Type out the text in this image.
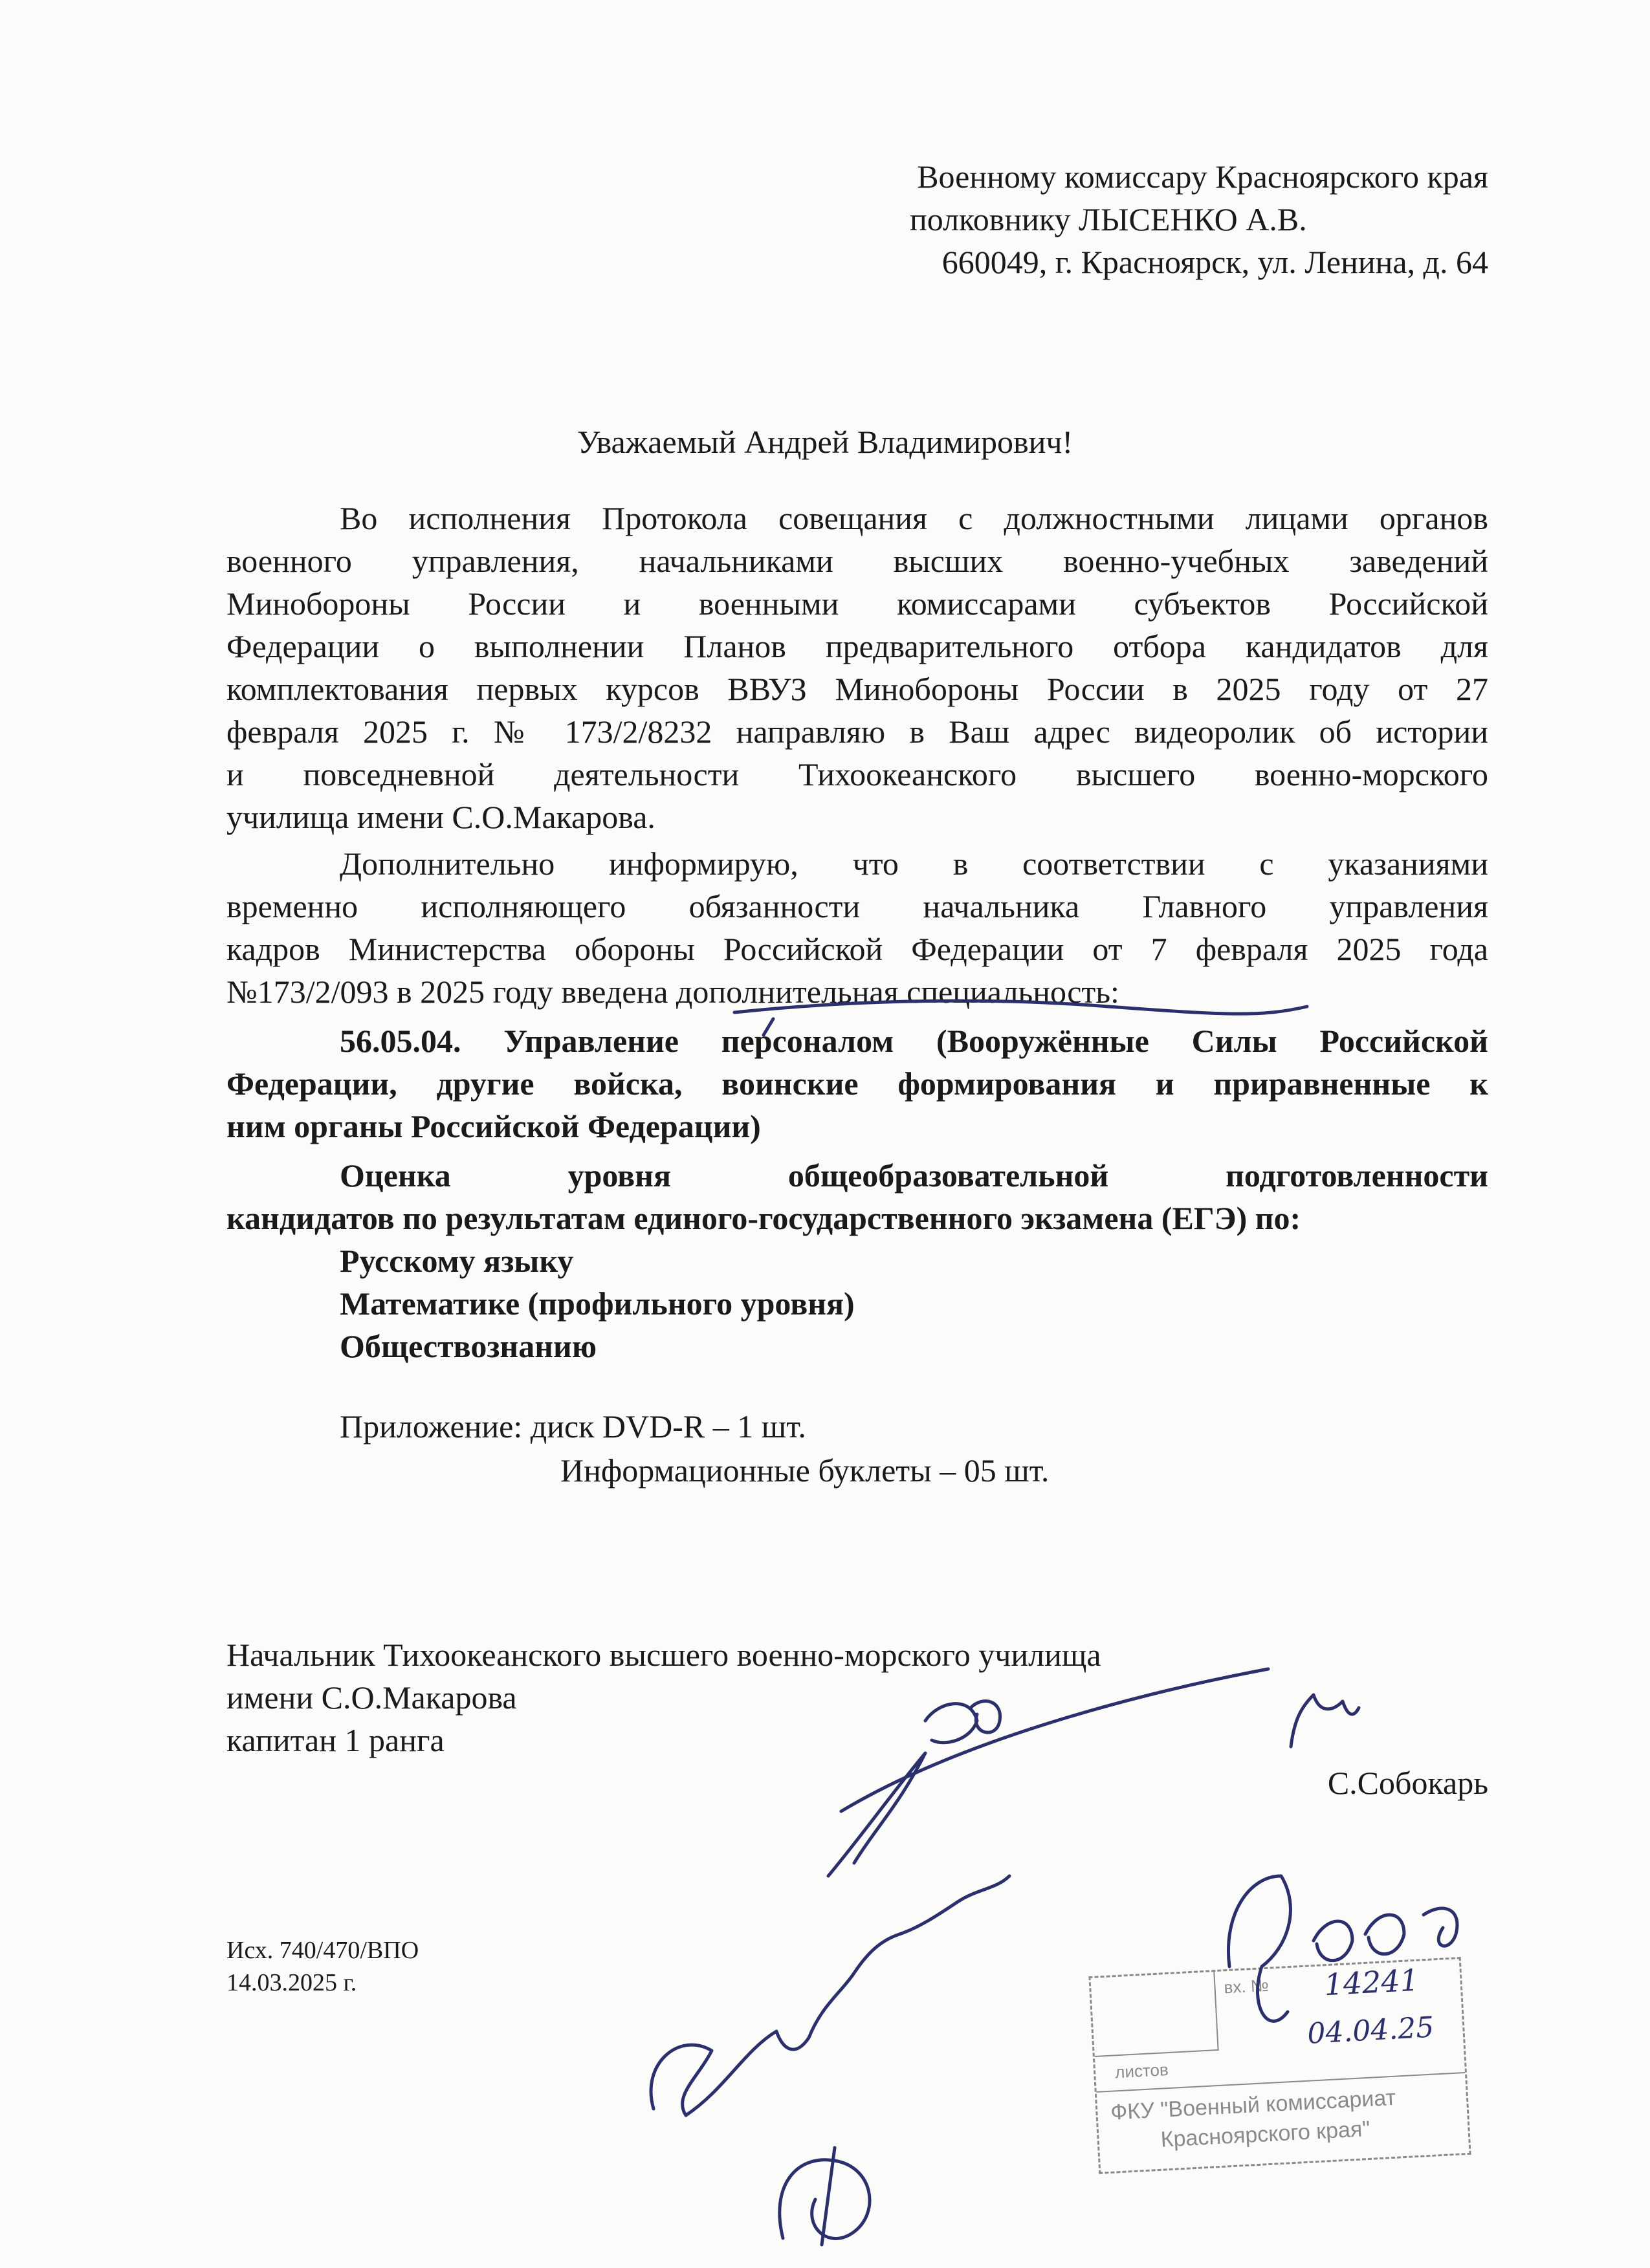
Военному комиссару Красноярского края
полковнику ЛЫСЕНКО А.В.
660049, г. Красноярск, ул. Ленина, д. 64
Уважаемый Андрей Владимирович!
Во исполнения Протокола совещания с должностными лицами органов
военного управления, начальниками высших военно-учебных заведений
Минобороны России и военными комиссарами субъектов Российской
Федерации о выполнении Планов предварительного отбора кандидатов для
комплектования первых курсов ВВУЗ Минобороны России в 2025 году от 27
февраля 2025 г. № 173/2/8232 направляю в Ваш адрес видеоролик об истории
и повседневной деятельности Тихоокеанского высшего военно-морского
училища имени С.О.Макарова.
Дополнительно информирую, что в соответствии с указаниями
временно исполняющего обязанности начальника Главного управления
кадров Министерства обороны Российской Федерации от 7 февраля 2025 года
№173/2/093 в 2025 году введена дополнительная специальность:
56.05.04. Управление персоналом (Вооружённые Силы Российской
Федерации, другие войска, воинские формирования и приравненные к
ним органы Российской Федерации)
Оценка уровня общеобразовательной подготовленности
кандидатов по результатам единого-государственного экзамена (ЕГЭ) по:
Русскому языку
Математике (профильного уровня)
Обществознанию
Приложение: диск DVD-R – 1 шт.
Информационные буклеты – 05 шт.
Начальник Тихоокеанского высшего военно-морского училища
имени С.О.Макарова
капитан 1 ранга
С.Собокарь
Исх. 740/470/ВПО
14.03.2025 г.
листов
вх. № 14241
04.04.25
ФКУ "Военный комиссариат
Красноярского края"
